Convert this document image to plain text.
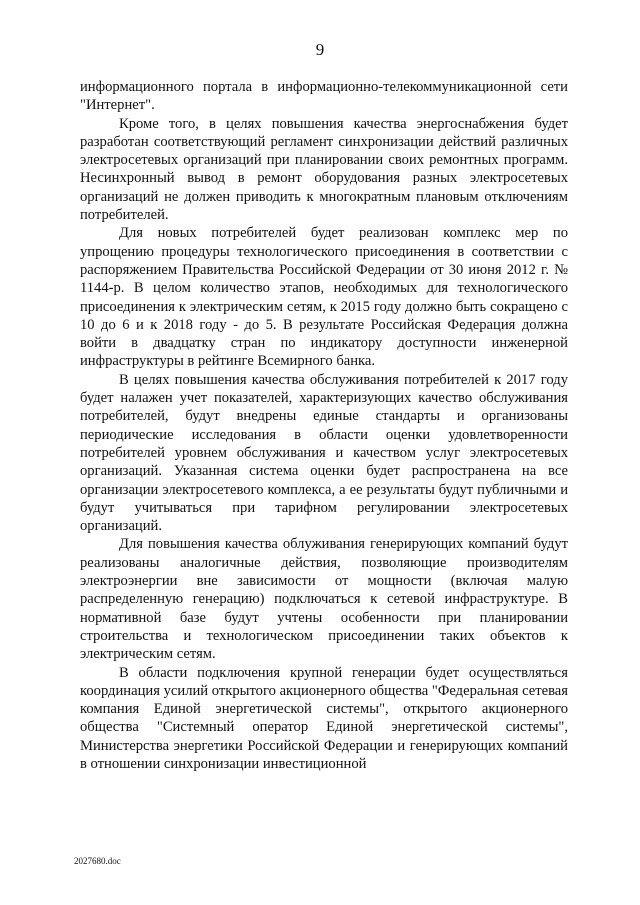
9

информационного портала в информационно-телекоммуникационной сети "Интернет".

Кроме того, в целях повышения качества энергоснабжения будет разработан соответствующий регламент синхронизации действий различных электросетевых организаций при планировании своих ремонтных программ. Несинхронный вывод в ремонт оборудования разных электросетевых организаций не должен приводить к многократным плановым отключениям потребителей.

Для новых потребителей будет реализован комплекс мер по упрощению процедуры технологического присоединения в соответствии с распоряжением Правительства Российской Федерации от 30 июня 2012 г. № 1144-р. В целом количество этапов, необходимых для технологического присоединения к электрическим сетям, к 2015 году должно быть сокращено с 10 до 6 и к 2018 году - до 5. В результате Российская Федерация должна войти в двадцатку стран по индикатору доступности инженерной инфраструктуры в рейтинге Всемирного банка.

В целях повышения качества обслуживания потребителей к 2017 году будет налажен учет показателей, характеризующих качество обслуживания потребителей, будут внедрены единые стандарты и организованы периодические исследования в области оценки удовлетворенности потребителей уровнем обслуживания и качеством услуг электросетевых организаций. Указанная система оценки будет распространена на все организации электросетевого комплекса, а ее результаты будут публичными и будут учитываться при тарифном регулировании электросетевых организаций.

Для повышения качества облуживания генерирующих компаний будут реализованы аналогичные действия, позволяющие производителям электроэнергии вне зависимости от мощности (включая малую распределенную генерацию) подключаться к сетевой инфраструктуре. В нормативной базе будут учтены особенности при планировании строительства и технологическом присоединении таких объектов к электрическим сетям.

В области подключения крупной генерации будет осуществляться координация усилий открытого акционерного общества "Федеральная сетевая компания Единой энергетической системы", открытого акционерного общества "Системный оператор Единой энергетической системы", Министерства энергетики Российской Федерации и генерирующих компаний в отношении синхронизации инвестиционной

2027680.doc
